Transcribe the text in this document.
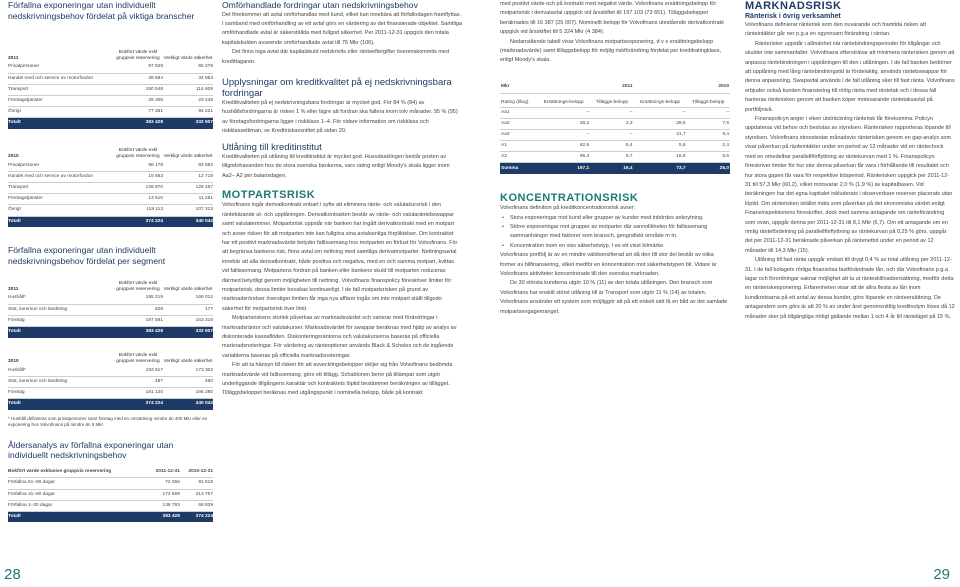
Förfallna exponeringar utan individuellt nedskrivningsbehov fördelat på viktiga branscher
2011	Bokfört värde exkl gruppvis reservering	Verkligt värde säkerhet
Privatpersoner	87 629	65 278
Handel med och service av motorfordon	38 594	34 953
Transport	150 548	114 609
Företagstjänster	29 306	23 446
Övrigt	77 351	94 221
Totalt	383 428	332 507
2010	Bokfört värde exkl gruppvis reservering	Verkligt värde säkerhet
Privatpersoner	98 178	82 592
Handel med och service av motorfordon	15 553	12 719
Transport	128 870	126 167
Företagstjänster	13 510	11 251
Övrigt	118 113	107 313
Totalt	374 224	340 042
Förfallna exponeringar utan individuellt nedskrivningsbehov fördelat per segment
2011	Bokfört värde exkl gruppvis reservering	Verkligt värde säkerhet
Hushåll*	195 219	169 012
Stat, kommun och landsting	628	177
Företag	187 581	163 318
Totalt	383 428	332 507
2010	Bokfört värde exkl gruppvis reservering	Verkligt värde säkerhet
Hushåll*	192 617	173 302
Stat, kommun och landsting	487	460
Företag	181 120	166 280
Totalt	374 224	340 042
* Hushåll definieras som privatpersoner samt företag med en omsättning mindre än 400 Mkr eller en exponering hos Volvofinans på mindre än 5 Mkr.
Åldersanalys av förfallna exponeringar utan individuellt nedskrivningsbehov
Bokfört värde exklusive gruppvis reservering	2011-12-31	2010-12-31
Förfallna 61–89 dagar	72 066	91 618
Förfallna 31–60 dagar	172 569	213 767
Förfallna 1–30 dagar	138 793	68 839
Totalt	383 428	374 224
28
Omförhandlade fordringar utan nedskrivningsbehov

Det förekommer att avtal omförhandlas med kund, vilket kan innebära att förfallodagen framflyttas. I samband med omförhandling av ett avtal görs en värdering av det finansierade objektet. Samtliga omförhandlade avtal är säkerställda med fullgod säkerhet. Per 2011-12-31 uppgick den totala kapitalskulden avseende omförhandlade avtal till 76 Mkr (106).

Det finns inga avtal där kapitalskuld nedskrivits eller ränteeftergifter överenskommits med kredittagaren.

Upplysningar om kreditkvalitet på ej nedskrivningsbara fordringar

Kreditkvaliteten på ej nedskrivningsbara fordringar är mycket god. För 84 % (84) av hushållsfordringarna är risken 1 % eller lägre att fordran ska fallera inom tolv månader. 95 % (95) av företagsfordringarna ligger i riskklass 1–4. För vidare information om riskklass och riskklassettiman, se Kreditriskavsnittet på sidan 20.

Utlåning till kreditinstitut

Kreditkvaliteten på utlåning till kreditinstitut är mycket god. Huvudsaklingen består posten av tillgodohavanden hos de stora svenska bankerna, vars rating enligt Moody's skala ligger inom Aa2– A2 per balansdagen.

MOTPARTSRISK

Volvofinans ingår derivatkontrakt enbart i syfte att eliminera ränte- och valutakursrisk i den räntebärande ut- och upplåningen. Derivatkontrakten består av ränte- och valutaräntebswappar samt valutaterminer. Motpartsrisk uppstår när banken har ingått derivatkontrakt med en motpart och avser risken för att motparten inte kan fullgöra sina avtalsenliga förpliktelser. Om kontraktet har ett positivt marknadsvärde betyder fallissemang hos motparten en förlust för Volvofinans. För att begränsa bankens risk, finns avtal om nettning med samtliga derivatmotparter. Nettningsavtal innebär att alla derivatkontrakt, både positiva och negativa, med en och samma motpart, kvittas vid fallissemang. Motpartens fordran på banken eller bankens skuld till motparten reduceras därmed betydligt genom möjligheten till nettning. Volvofinans finanspolicy föreskriver limiter för motpartsrisk, dessa limiter bevakas kontinuerligt. I de fall motpartsrisken på grund av marknadsrörelser överstiger limiten får inga nya affärer ingås om inte motpart ställt tillgodo säkerhet för motpartsrisk över limit.

Motpartsriskens storlek påverkas av marknadsvärdet och varierar med förändringar i marknadsräntor och valutakurser. Marknadsvärdet för swappar beräknas med hjälp av analys av diskonterade kassaflöden. Diskonteringsräntorna och valutakurserna baseras på officiella marknadsnoteringar. För värdering av ränteoptioner används Black & Scholes och de ingående variablerna baseras på officiella marknadsnoteringar.

För att ta hänsyn till risken för att avvecklingsbelopper skiljer sig från Volvofinans bedömda marknadsvärde vid fallissemang, görs ett tillägg. Schablonen beror på tillämpar som utgör underliggande tillgångens karaktär och kontraktets löptid bestämmer beräkningen av tillägget. Tilläggsbeloppet beräknas med utgångspunkt i nominella belopp, både på kontrakt

med positivt värde och på kontrakt med negativt värde. Volvofinans ersättningsbelopp för motpartsrisk i derivatavtal uppgick vid årsskiftet till 197 103 (73 651). Tilläggsbeloppet beräknades till 16 387 (25 007). Nominellt belopp för Volvofinans utestående derivatkontrakt uppgick vid årsskiftet till 5 324 Mkr (4 384).

Nedanstående tabell visar Volvofinans motpartsexponering, d v s ersättningsbelopp (marknadsvärde) samt tilläggsbelopp för möjlig riskförändring fördelat per kreditratingklass, enligt Moody's skala.

Mkr		2011		2010
Rating (lång)	Ersättnings-belopp	Tilläggs-belopp	Ersättnings-belopp	Tilläggs-belopp
Aa1	–	–	–	–
Aa2	38,2	2,3	29,6	7,6
Aa3	–	–	21,7	9,4
A1	62,5	5,4	5,6	2,4
A2	96,4	8,7	16,8	5,6
Summa	197,1	16,4	73,7	25,0
KONCENTRATIONSRISK

Volvofinans definition på kreditkoncentrationsrisk avser:

• Stora exponeringar mot kund eller grupper av kunder med inbördes anknytning.
• Större exponeringar mot grupper av motparter där sannolikheten för fallissemang sammanhänger med faktorer som bransch, geografiskt område m m.
• Koncentration inom en viss säkerhetstyp, t ex ett visst bilmärke.

Volvofinans portfölj är av en mindre väldiversifierad art då den till stor del består av olika former av bilfinansiering, vilket medför en koncentration mot säkerhetstypen bil. Vidare är Volvofinans aktiviteter koncentrerade till den svenska marknaden.

De 30 största kunderna utgör 10 % (11) av den totala utlåningen. Den bransch som Volvofinans har enskilt störst utlåning till är Transport som utgör 11 % (14) av totalen. Volvofinans använder ett system som möjliggör att på ett enkelt sätt få en bild av det samlade motpartsengagemanget.

MARKNADSRISK
Ränterisk i övrig verksamhet

Volvofinans definierar ränterisk som den nuvarande och framtida risken att ränteintäkter går ner p.g.a en ogynnsam förändring i räntan.

Ränterisker uppstår i allmänhet när räntebindningsperioder för tillgångar och skulder inte sammanfaller. Volvofinans eftersträvar att minimera ränterisken genom att anpassa räntebindningen i upplåningen till den i utlåningen. I de fall banken bedömer att upplåning med lång räntebindningstid är fördelaktig, används räntebswappar för denna anpassning. Swapavtal används i de fall utlåning sker till fast ränta. Volvofinans erbjuder också kunden finansiering till rörlig ränta med räntetak och i dessa fall hanteras ränterisken genom att banken köper motsvarande räntetaksavtal på portföljnivå.

Finanspolicyn anger i viken utsträckning ränterisk får förekomma. Policyn uppdateras vid behov och beslutas av styrelsen. Ränterisken rapporteras löpande till styrelsen. Volvofinans stresstestar månadsvis ränterisken genom en gap-analys som visar påverkan på ränteintäkter under en period av 12 månader vid en räntechock med en omedelbar parallellförflyttning av räntekurvan med 1 %. Finanspolicyn föreskriver limiter för hur stor denna påverkan får vara i förhållande till resultatet och hur stora gapen får vara för respektive tidsperiod. Ränterisken uppgick per 2011-12-31 till 57,3 Mkr (60,2), vilket motsvarar 2,0 % (1,9 %) av kapitalbasen. Vid beräkningen har det egna kapitalet inkluderats i observerbare reserver placerats utan löptid. Om ränterisken istället mäts som påverkan på det ekonomiska värdet enligt Finansinspektionens föreskrifter, dock med samma antagande om ränteförändring som ovan, uppgår denna per 2011-12-31 till 8,1 Mkr (6,7). Om ett antagande om en rimlig räntefördelning på parallellförflyttning av räntekurvan på 0,25 % görs, uppgår det per 2011-12-31 beräknade påverkan på räntenettot under en period av 12 månader till 14,3 Mkr (15).

Utlåning till fast ränta uppgår endast till drygt 0,4 % av total utlåning per 2011-12-31. I de fall bolagets rörliga finansiösa fastförändrade lån, och där Volvofinans p.g.a lagar och förordningar saknar möjlighet att ta ut ränteskillnadsersättning, medför detta en ränteriskexponering. Erfarenheten visar att de allra flesta av lån inom kundkretsarna på ett antal av dessa kunder, görs löpande en ränteersättning. De antagandem som görs är att 20 % av under året genomsnittlig kreditvolym löses då 12 månader sker på tillgängliga rörligt gällande mellan 1 och 4 år till ränteläget på 15 %.

29
